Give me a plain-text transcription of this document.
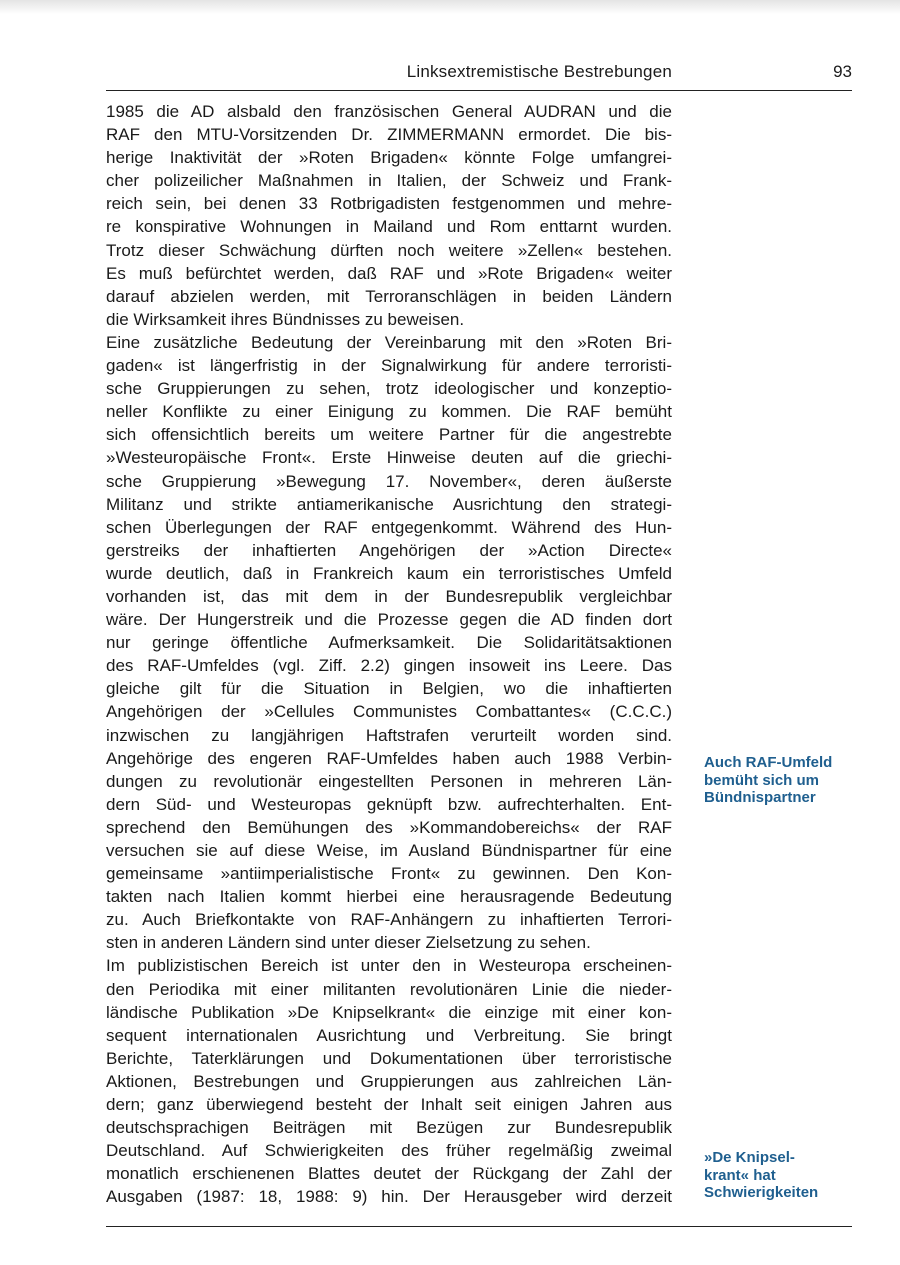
Linksextremistische Bestrebungen	93
1985 die AD alsbald den französischen General AUDRAN und die
RAF den MTU-Vorsitzenden Dr. ZIMMERMANN ermordet. Die bis-
herige Inaktivität der »Roten Brigaden« könnte Folge umfangrei-
cher polizeilicher Maßnahmen in Italien, der Schweiz und Frank-
reich sein, bei denen 33 Rotbrigadisten festgenommen und mehre-
re konspirative Wohnungen in Mailand und Rom enttarnt wurden.
Trotz dieser Schwächung dürften noch weitere »Zellen« bestehen.
Es muß befürchtet werden, daß RAF und »Rote Brigaden« weiter
darauf abzielen werden, mit Terroranschlägen in beiden Ländern
die Wirksamkeit ihres Bündnisses zu beweisen.
Eine zusätzliche Bedeutung der Vereinbarung mit den »Roten Bri-
gaden« ist längerfristig in der Signalwirkung für andere terroristi-
sche Gruppierungen zu sehen, trotz ideologischer und konzeptio-
neller Konflikte zu einer Einigung zu kommen. Die RAF bemüht
sich offensichtlich bereits um weitere Partner für die angestrebte
»Westeuropäische Front«. Erste Hinweise deuten auf die griechi-
sche Gruppierung »Bewegung 17. November«, deren äußerste
Militanz und strikte antiamerikanische Ausrichtung den strategi-
schen Überlegungen der RAF entgegenkommt. Während des Hun-
gerstreiks der inhaftierten Angehörigen der »Action Directe«
wurde deutlich, daß in Frankreich kaum ein terroristisches Umfeld
vorhanden ist, das mit dem in der Bundesrepublik vergleichbar
wäre. Der Hungerstreik und die Prozesse gegen die AD finden dort
nur geringe öffentliche Aufmerksamkeit. Die Solidaritätsaktionen
des RAF-Umfeldes (vgl. Ziff. 2.2) gingen insoweit ins Leere. Das
gleiche gilt für die Situation in Belgien, wo die inhaftierten
Angehörigen der »Cellules Communistes Combattantes« (C.C.C.)
inzwischen zu langjährigen Haftstrafen verurteilt worden sind.
Angehörige des engeren RAF-Umfeldes haben auch 1988 Verbin-
dungen zu revolutionär eingestellten Personen in mehreren Län-
dern Süd- und Westeuropas geknüpft bzw. aufrechterhalten. Ent-
sprechend den Bemühungen des »Kommandobereichs« der RAF
versuchen sie auf diese Weise, im Ausland Bündnispartner für eine
gemeinsame »antiimperialistische Front« zu gewinnen. Den Kon-
takten nach Italien kommt hierbei eine herausragende Bedeutung
zu. Auch Briefkontakte von RAF-Anhängern zu inhaftierten Terrori-
sten in anderen Ländern sind unter dieser Zielsetzung zu sehen.
Im publizistischen Bereich ist unter den in Westeuropa erscheinen-
den Periodika mit einer militanten revolutionären Linie die nieder-
ländische Publikation »De Knipselkrant« die einzige mit einer kon-
sequent internationalen Ausrichtung und Verbreitung. Sie bringt
Berichte, Taterklärungen und Dokumentationen über terroristische
Aktionen, Bestrebungen und Gruppierungen aus zahlreichen Län-
dern; ganz überwiegend besteht der Inhalt seit einigen Jahren aus
deutschsprachigen Beiträgen mit Bezügen zur Bundesrepublik
Deutschland. Auf Schwierigkeiten des früher regelmäßig zweimal
monatlich erschienenen Blattes deutet der Rückgang der Zahl der
Ausgaben (1987: 18, 1988: 9) hin. Der Herausgeber wird derzeit
Auch RAF-Umfeld
bemüht sich um
Bündnispartner
»De Knipsel-
krant« hat
Schwierigkeiten
